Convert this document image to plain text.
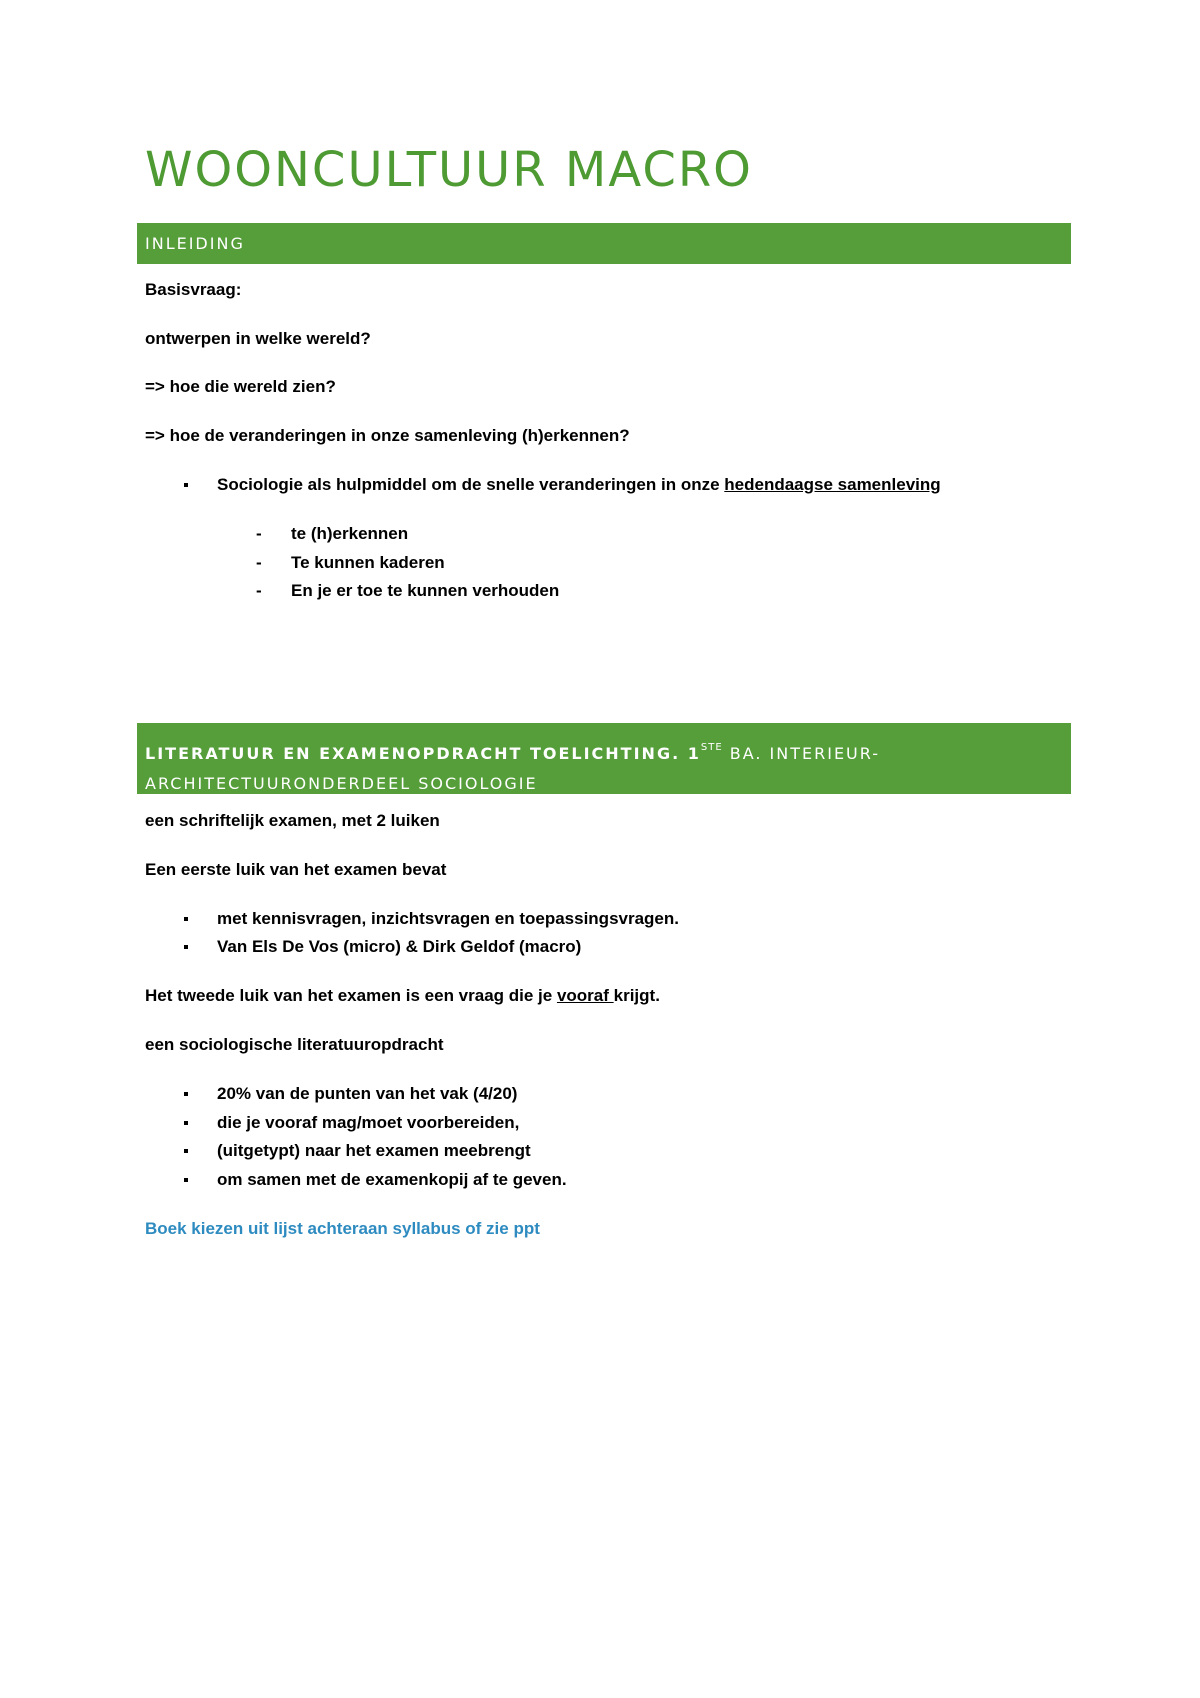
WOONCULTUUR MACRO
INLEIDING
Basisvraag:
ontwerpen in welke wereld?
=> hoe die wereld zien?
=> hoe de veranderingen in onze samenleving (h)erkennen?
Sociologie als hulpmiddel om de snelle veranderingen in onze hedendaagse samenleving
- te (h)erkennen
- Te kunnen kaderen
- En je er toe te kunnen verhouden
LITERATUUR EN EXAMENOPDRACHT TOELICHTING. 1STE BA. INTERIEUR-
ARCHITECTUURONDERDEEL SOCIOLOGIE
een schriftelijk examen, met 2 luiken
Een eerste luik van het examen bevat
met kennisvragen, inzichtsvragen en toepassingsvragen.
Van Els De Vos (micro) & Dirk Geldof (macro)
Het tweede luik van het examen is een vraag die je vooraf krijgt.
een sociologische literatuuropdracht
20% van de punten van het vak (4/20)
die je vooraf mag/moet voorbereiden,
(uitgetypt) naar het examen meebrengt
om samen met de examenkopij af te geven.
Boek kiezen uit lijst achteraan syllabus of zie ppt
